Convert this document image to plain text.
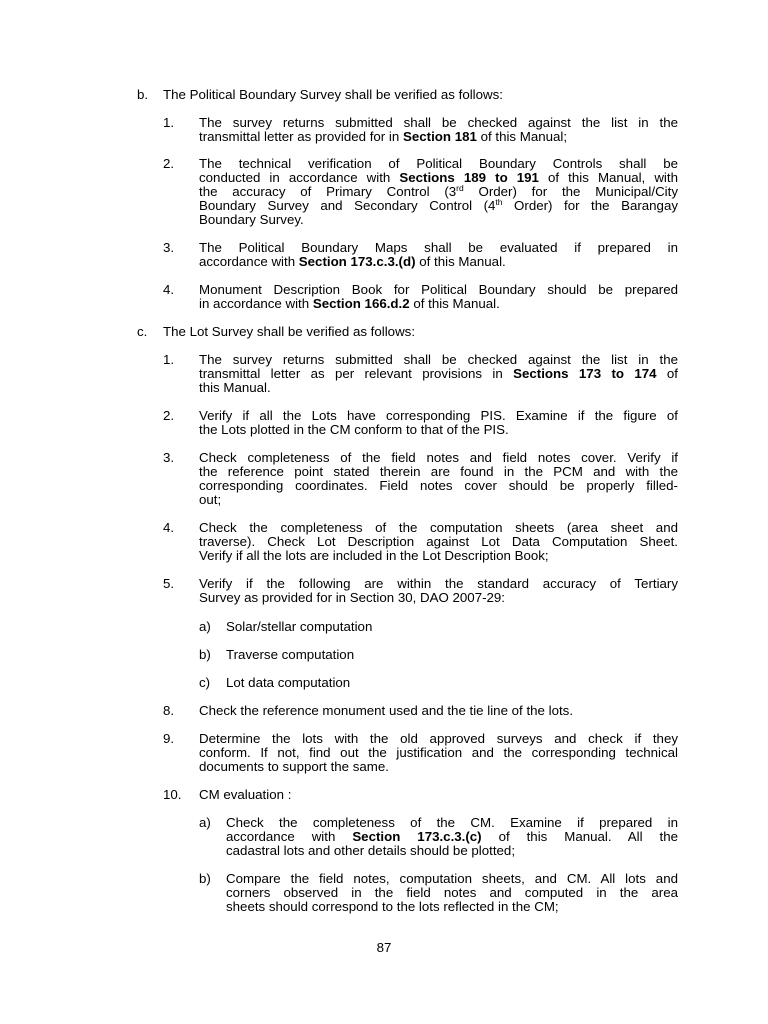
b. The Political Boundary Survey shall be verified as follows:
1. The survey returns submitted shall be checked against the list in the
transmittal letter as provided for in Section 181 of this Manual;
2. The technical verification of Political Boundary Controls shall be
conducted in accordance with Sections 189 to 191 of this Manual, with
the accuracy of Primary Control (3rd Order) for the Municipal/City
Boundary Survey and Secondary Control (4th Order) for the Barangay
Boundary Survey.
3. The Political Boundary Maps shall be evaluated if prepared in
accordance with Section 173.c.3.(d) of this Manual.
4. Monument Description Book for Political Boundary should be prepared
in accordance with Section 166.d.2 of this Manual.
c. The Lot Survey shall be verified as follows:
1. The survey returns submitted shall be checked against the list in the
transmittal letter as per relevant provisions in Sections 173 to 174 of
this Manual.
2. Verify if all the Lots have corresponding PIS. Examine if the figure of
the Lots plotted in the CM conform to that of the PIS.
3. Check completeness of the field notes and field notes cover. Verify if
the reference point stated therein are found in the PCM and with the
corresponding coordinates. Field notes cover should be properly filled-
out;
4. Check the completeness of the computation sheets (area sheet and
traverse). Check Lot Description against Lot Data Computation Sheet.
Verify if all the lots are included in the Lot Description Book;
5. Verify if the following are within the standard accuracy of Tertiary
Survey as provided for in Section 30, DAO 2007-29:
a) Solar/stellar computation
b) Traverse computation
c) Lot data computation
8. Check the reference monument used and the tie line of the lots.
9. Determine the lots with the old approved surveys and check if they
conform. If not, find out the justification and the corresponding technical
documents to support the same.
10. CM evaluation :
a) Check the completeness of the CM. Examine if prepared in
accordance with Section 173.c.3.(c) of this Manual. All the
cadastral lots and other details should be plotted;
b) Compare the field notes, computation sheets, and CM. All lots and
corners observed in the field notes and computed in the area
sheets should correspond to the lots reflected in the CM;
87
